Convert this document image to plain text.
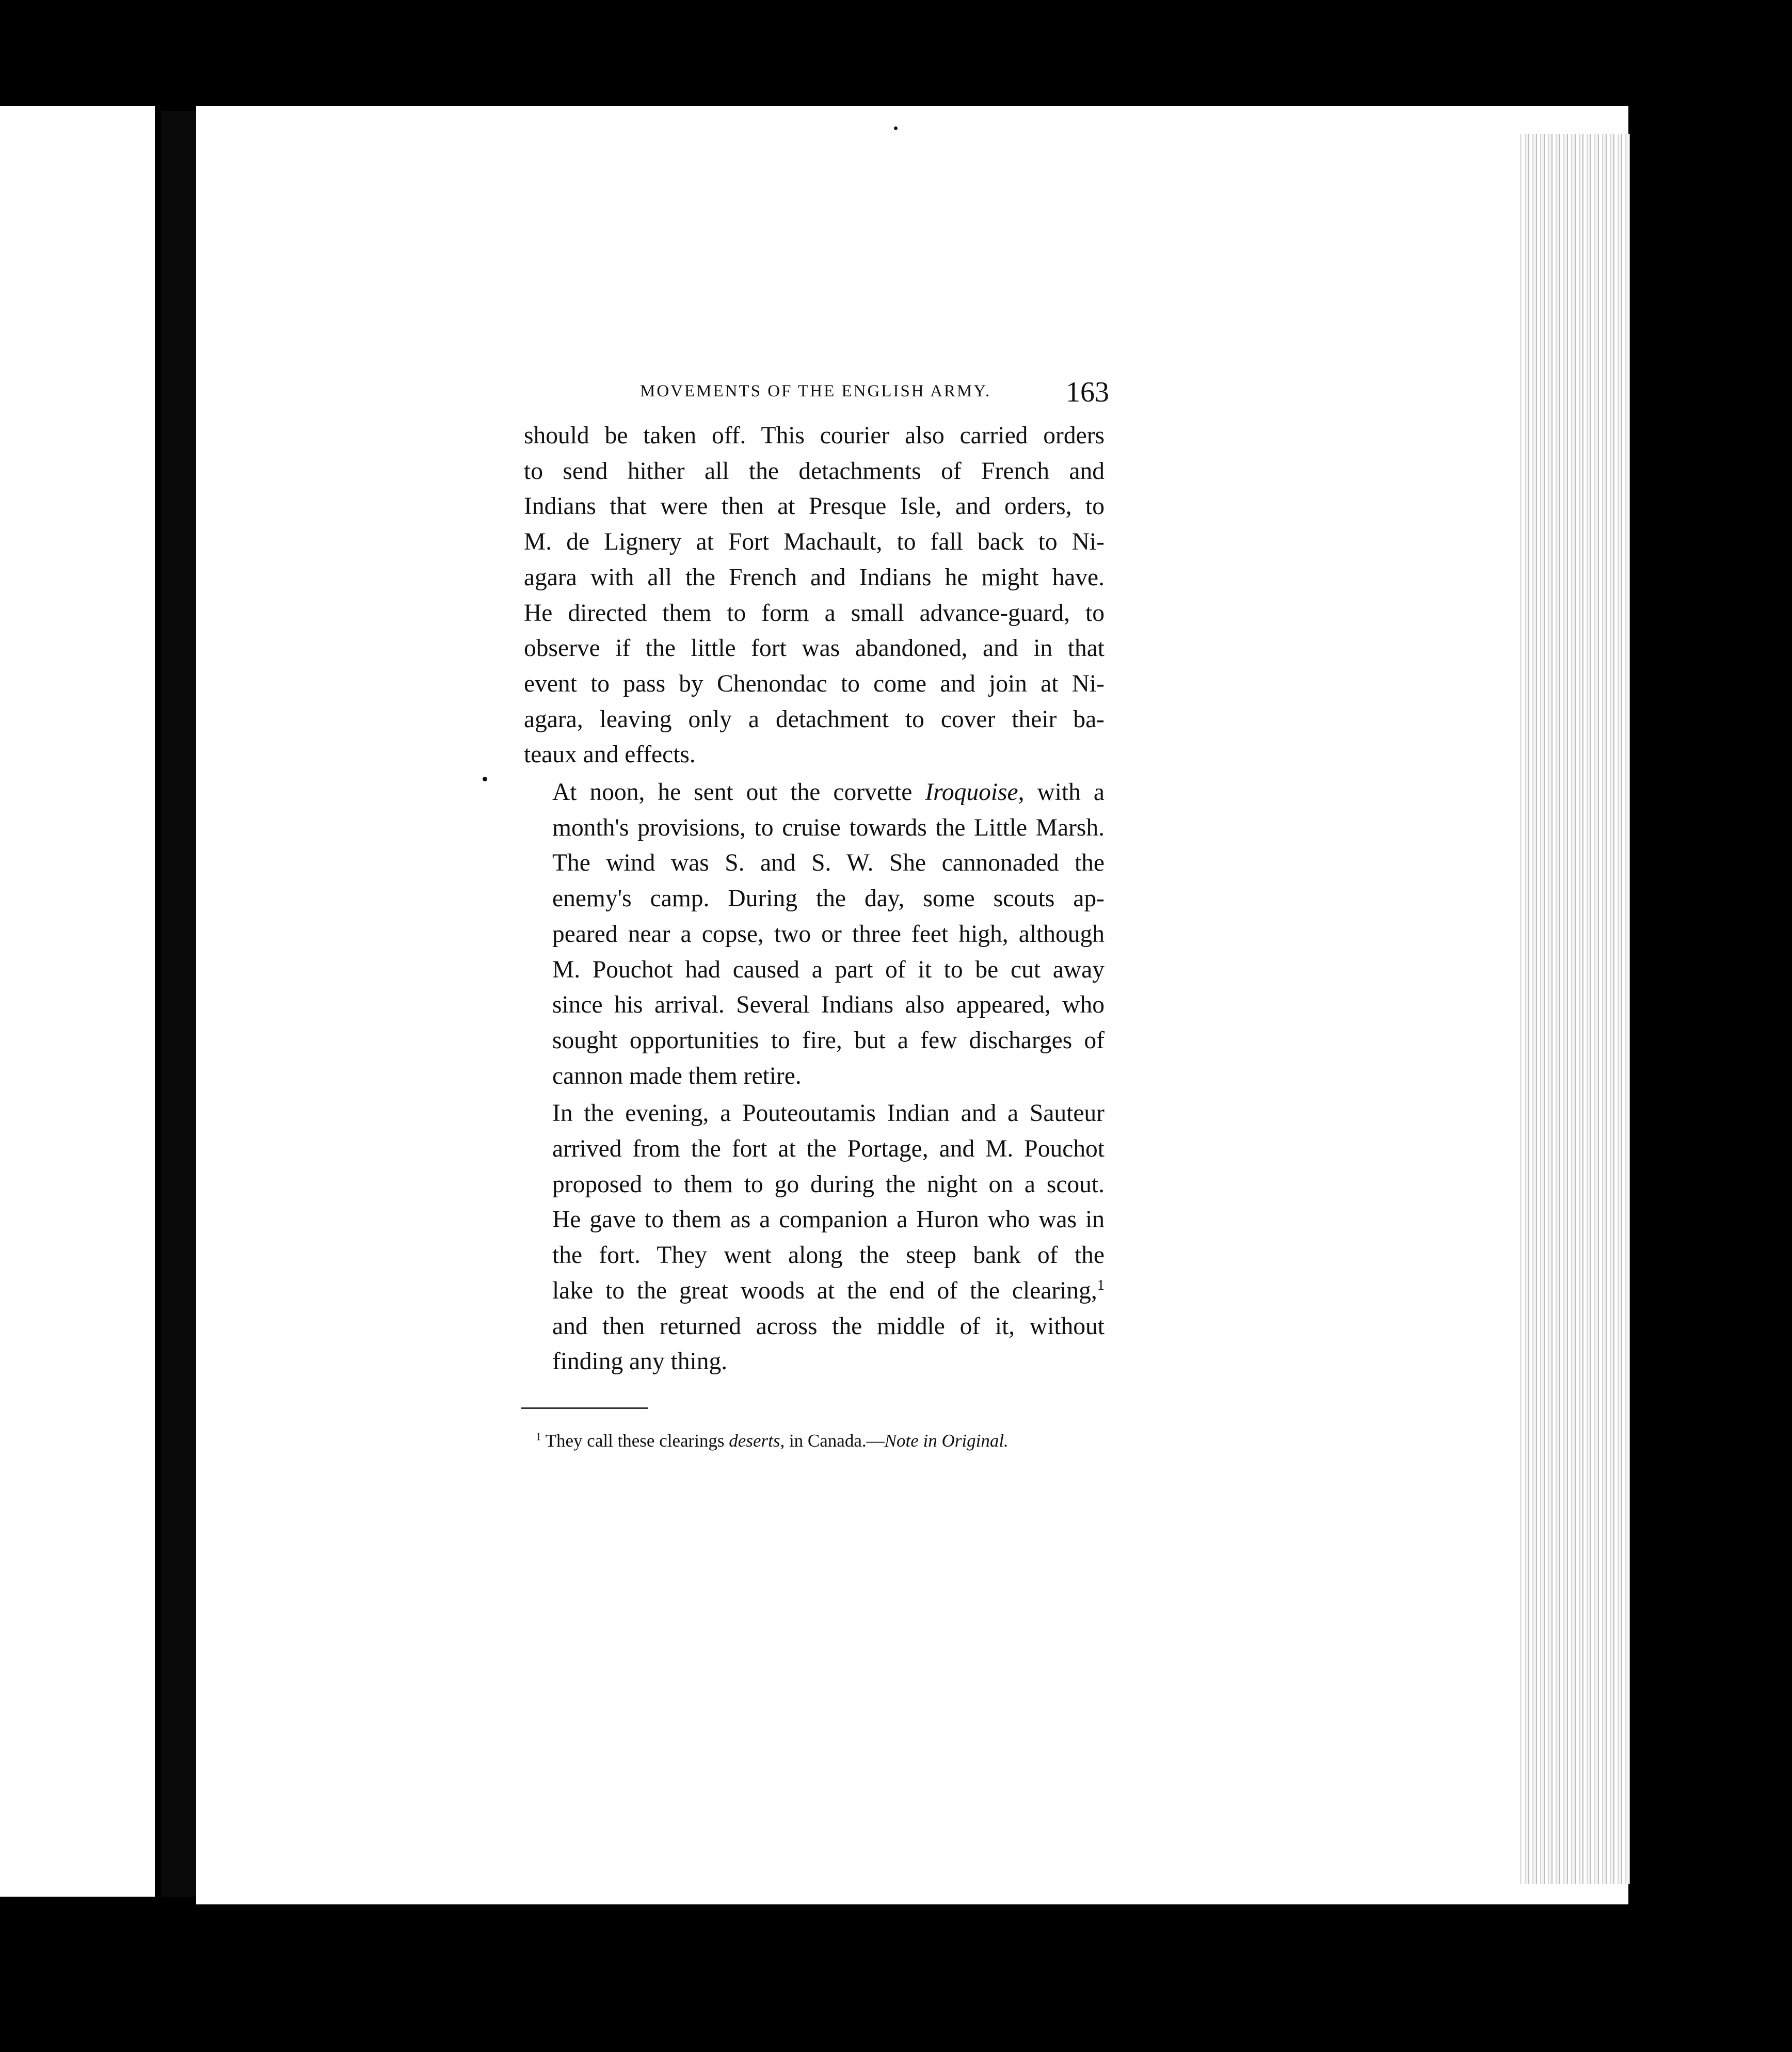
MOVEMENTS OF THE ENGLISH ARMY.	163

should be taken off. This courier also carried orders
to send hither all the detachments of French and
Indians that were then at Presque Isle, and orders, to
M. de Lignery at Fort Machault, to fall back to Ni-
agara with all the French and Indians he might have.
He directed them to form a small advance-guard, to
observe if the little fort was abandoned, and in that
event to pass by Chenondac to come and join at Ni-
agara, leaving only a detachment to cover their ba-
teaux and effects.

At noon, he sent out the corvette Iroquoise, with a
month's provisions, to cruise towards the Little Marsh.
The wind was S. and S. W. She cannonaded the
enemy's camp. During the day, some scouts ap-
peared near a copse, two or three feet high, although
M. Pouchot had caused a part of it to be cut away
since his arrival. Several Indians also appeared, who
sought opportunities to fire, but a few discharges of
cannon made them retire.

In the evening, a Pouteoutamis Indian and a Sauteur
arrived from the fort at the Portage, and M. Pouchot
proposed to them to go during the night on a scout.
He gave to them as a companion a Huron who was in
the fort. They went along the steep bank of the
lake to the great woods at the end of the clearing,$^1$
and then returned across the middle of it, without
finding any thing.

$^1$ They call these clearings deserts, in Canada.—Note in Original.
